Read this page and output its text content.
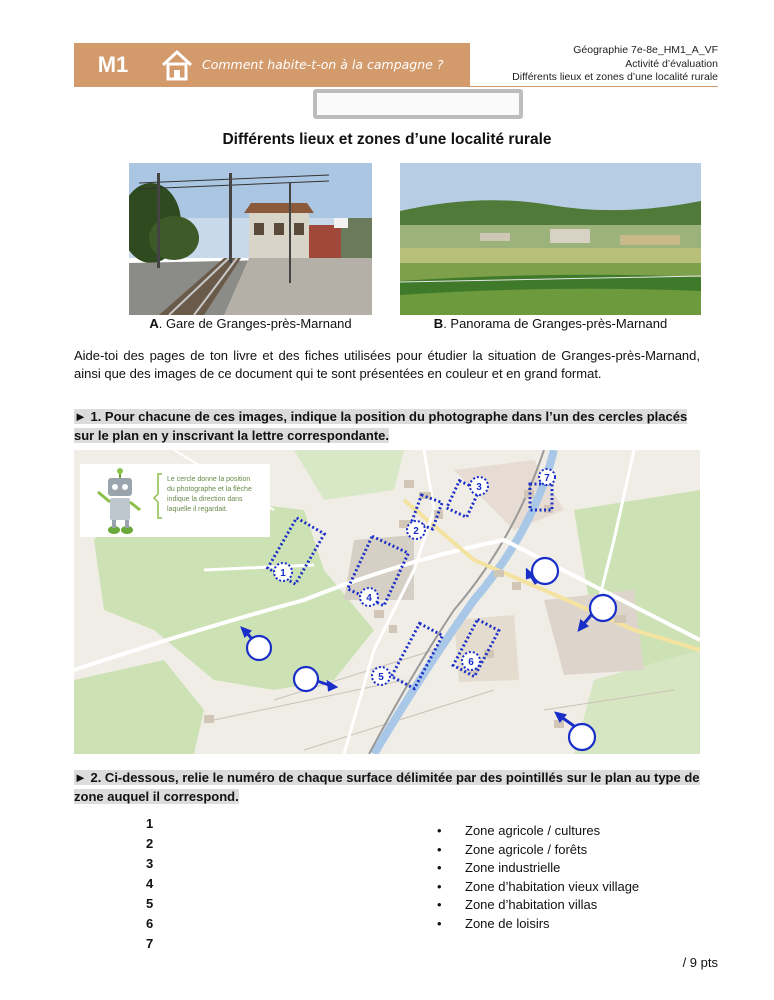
M1	Comment habite-t-on à la campagne ?
Géographie 7e-8e_HM1_A_VF
Activité d’évaluation
Différents lieux et zones d’une localité rurale
Différents lieux et zones d’une localité rurale
A. Gare de Granges-près-Marnand	B. Panorama de Granges-près-Marnand
Aide-toi des pages de ton livre et des fiches utilisées pour étudier la situation de Granges-près-Marnand, ainsi que des images de ce document qui te sont présentées en couleur et en grand format.
► 1. Pour chacune de ces images, indique la position du photographe dans l’un des cercles placés sur le plan en y inscrivant la lettre correspondante.
Le cercle donne la position
du photographe et la flèche
indique la direction dans
laquelle il regardait.
1
2
3
4
5
6
7
► 2. Ci-dessous, relie le numéro de chaque surface délimitée par des pointillés sur le plan au type de zone auquel il correspond.
1
2
3
4
5
6
7
• Zone agricole / cultures
• Zone agricole / forêts
• Zone industrielle
• Zone d’habitation vieux village
• Zone d’habitation villas
• Zone de loisirs
/ 9 pts
